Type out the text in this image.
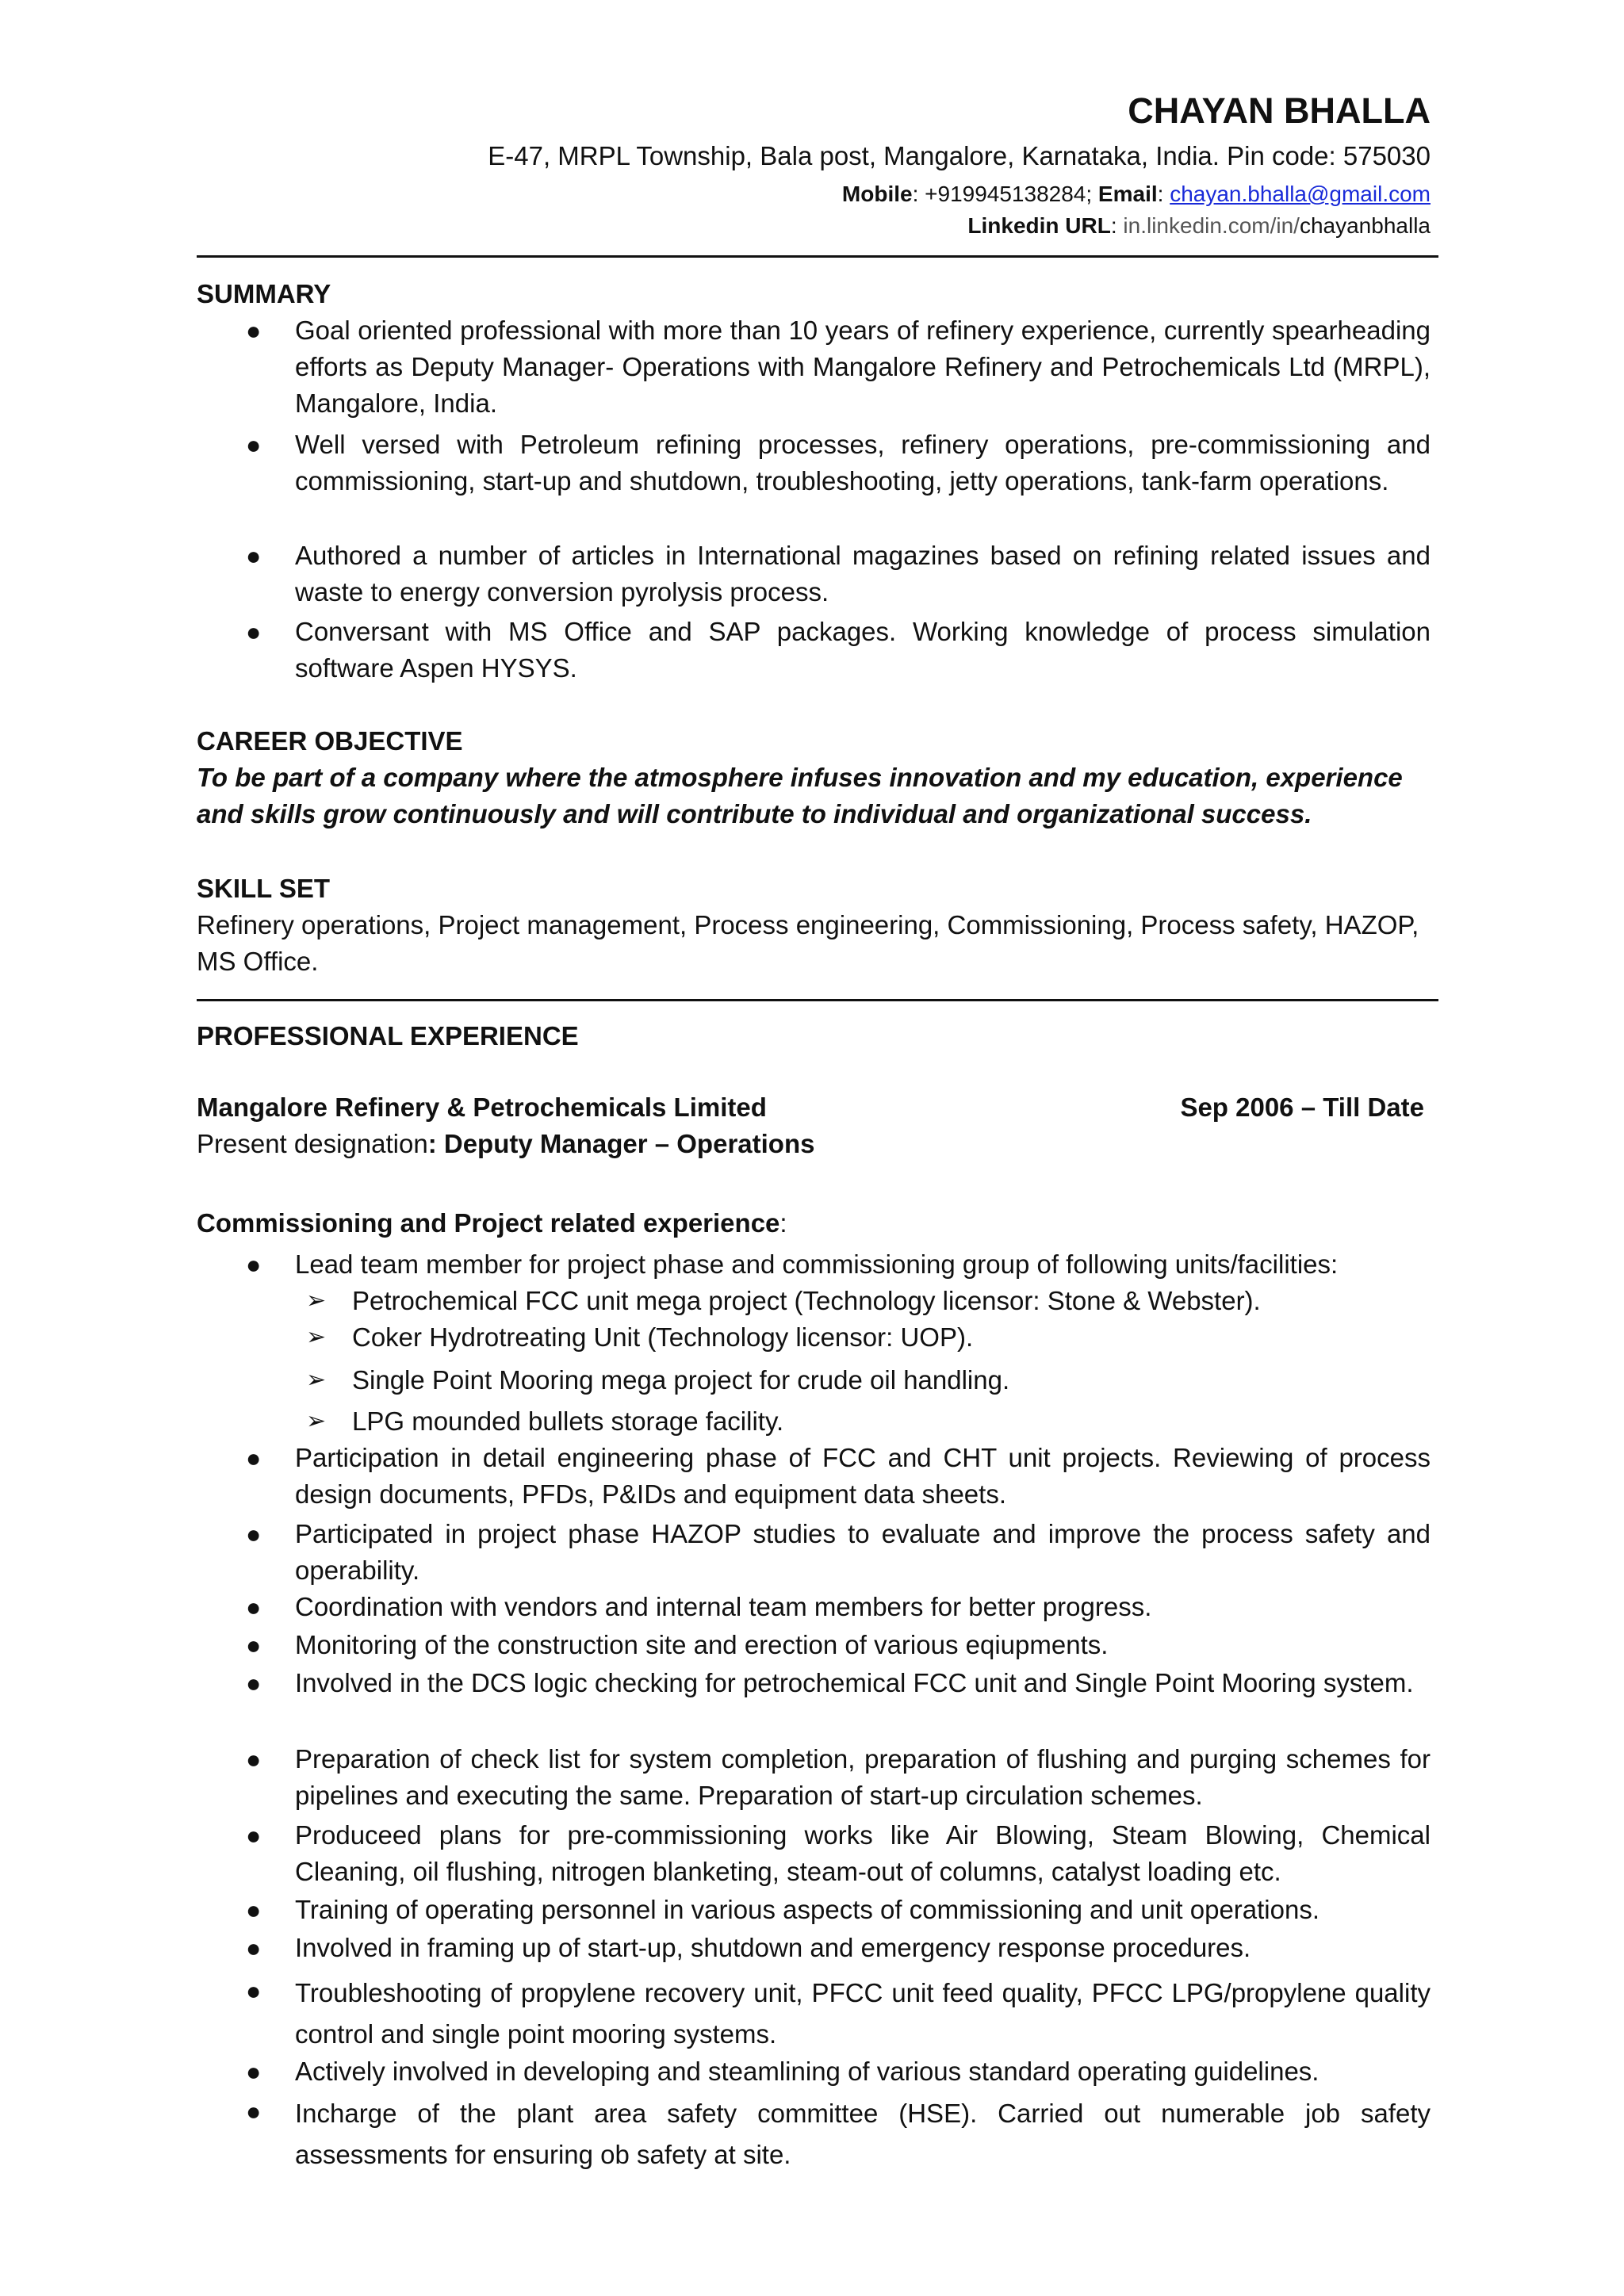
CHAYAN BHALLA
E-47, MRPL Township, Bala post, Mangalore, Karnataka, India. Pin code: 575030
Mobile: +919945138284; Email: chayan.bhalla@gmail.com
Linkedin URL: in.linkedin.com/in/chayanbhalla
SUMMARY
● Goal oriented professional with more than 10 years of refinery experience, currently spearheading efforts as Deputy Manager- Operations with Mangalore Refinery and Petrochemicals Ltd (MRPL), Mangalore, India.
● Well versed with Petroleum refining processes, refinery operations, pre-commissioning and commissioning, start-up and shutdown, troubleshooting, jetty operations, tank-farm operations.
● Authored a number of articles in International magazines based on refining related issues and waste to energy conversion pyrolysis process.
● Conversant with MS Office and SAP packages. Working knowledge of process simulation software Aspen HYSYS.
CAREER OBJECTIVE
To be part of a company where the atmosphere infuses innovation and my education, experience and skills grow continuously and will contribute to individual and organizational success.
SKILL SET
Refinery operations, Project management, Process engineering, Commissioning, Process safety, HAZOP, MS Office.
PROFESSIONAL EXPERIENCE
Mangalore Refinery & Petrochemicals Limited	Sep 2006 – Till Date
Present designation: Deputy Manager – Operations
Commissioning and Project related experience:
● Lead team member for project phase and commissioning group of following units/facilities:
➢ Petrochemical FCC unit mega project (Technology licensor: Stone & Webster).
➢ Coker Hydrotreating Unit (Technology licensor: UOP).
➢ Single Point Mooring mega project for crude oil handling.
➢ LPG mounded bullets storage facility.
● Participation in detail engineering phase of FCC and CHT unit projects. Reviewing of process design documents, PFDs, P&IDs and equipment data sheets.
● Participated in project phase HAZOP studies to evaluate and improve the process safety and operability.
● Coordination with vendors and internal team members for better progress.
● Monitoring of the construction site and erection of various eqiupments.
● Involved in the DCS logic checking for petrochemical FCC unit and Single Point Mooring system.
● Preparation of check list for system completion, preparation of flushing and purging schemes for pipelines and executing the same. Preparation of start-up circulation schemes.
● Produceed plans for pre-commissioning works like Air Blowing, Steam Blowing, Chemical Cleaning, oil flushing, nitrogen blanketing, steam-out of columns, catalyst loading etc.
● Training of operating personnel in various aspects of commissioning and unit operations.
● Involved in framing up of start-up, shutdown and emergency response procedures.
● Troubleshooting of propylene recovery unit, PFCC unit feed quality, PFCC LPG/propylene quality control and single point mooring systems.
● Actively involved in developing and steamlining of various standard operating guidelines.
● Incharge of the plant area safety committee (HSE). Carried out numerable job safety assessments for ensuring ob safety at site.
